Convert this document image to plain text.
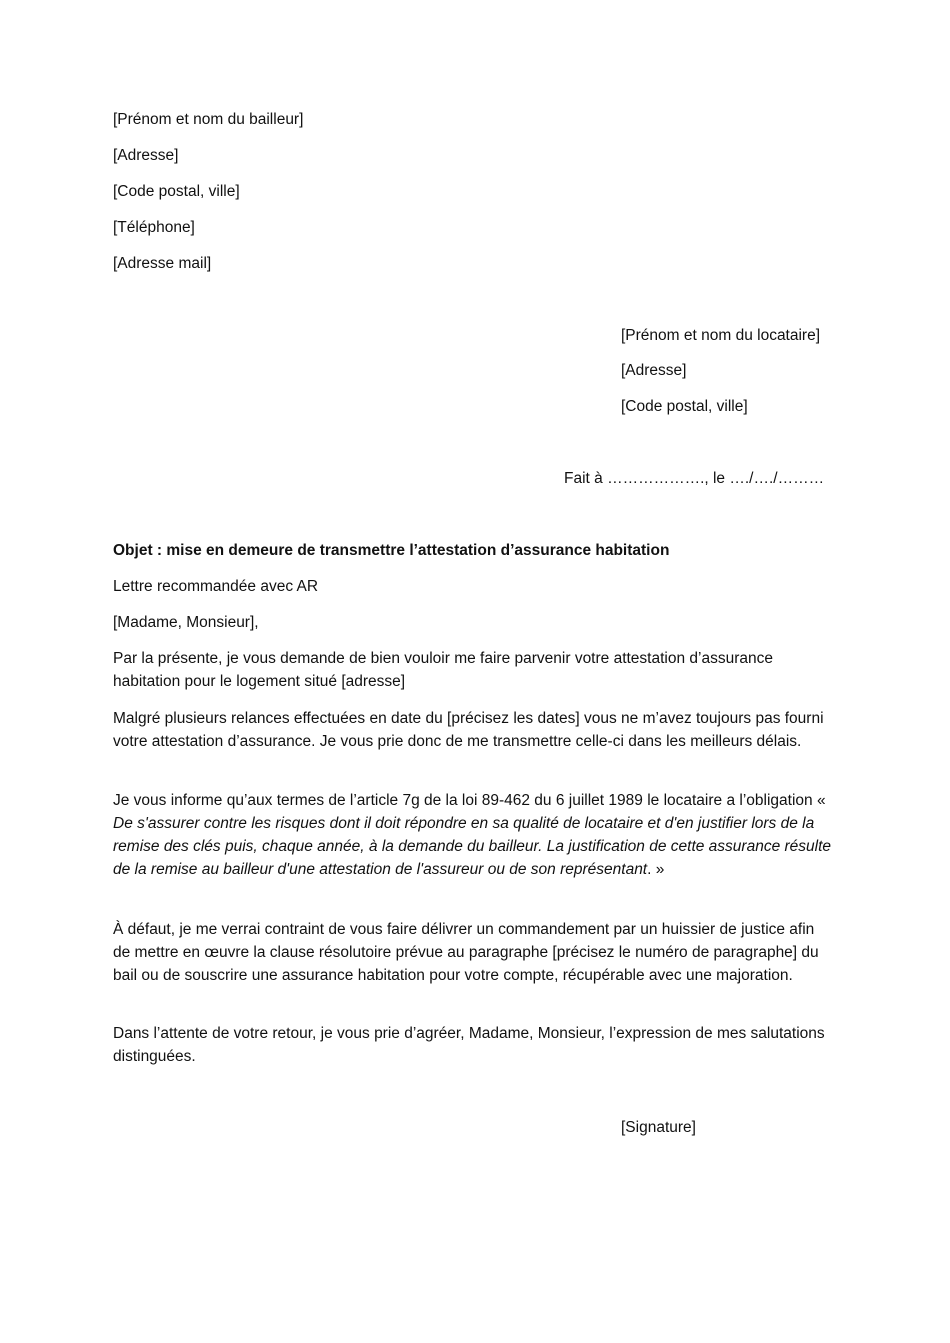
[Prénom et nom du bailleur]
[Adresse]
[Code postal, ville]
[Téléphone]
[Adresse mail]
[Prénom et nom du locataire]
[Adresse]
[Code postal, ville]
Fait à ………………., le …./…./………
Objet : mise en demeure de transmettre l’attestation d’assurance habitation
Lettre recommandée avec AR
[Madame, Monsieur],
Par la présente, je vous demande de bien vouloir me faire parvenir votre attestation d’assurance habitation pour le logement situé [adresse]
Malgré plusieurs relances effectuées en date du [précisez les dates] vous ne m’avez toujours pas fourni votre attestation d’assurance. Je vous prie donc de me transmettre celle-ci dans les meilleurs délais.
Je vous informe qu’aux termes de l’article 7g de la loi 89-462 du 6 juillet 1989 le locataire a l’obligation « De s'assurer contre les risques dont il doit répondre en sa qualité de locataire et d'en justifier lors de la remise des clés puis, chaque année, à la demande du bailleur. La justification de cette assurance résulte de la remise au bailleur d'une attestation de l'assureur ou de son représentant. »
À défaut, je me verrai contraint de vous faire délivrer un commandement par un huissier de justice afin de mettre en œuvre la clause résolutoire prévue au paragraphe [précisez le numéro de paragraphe] du bail ou de souscrire une assurance habitation pour votre compte, récupérable avec une majoration.
Dans l’attente de votre retour, je vous prie d’agréer, Madame, Monsieur, l’expression de mes salutations distinguées.
[Signature]
